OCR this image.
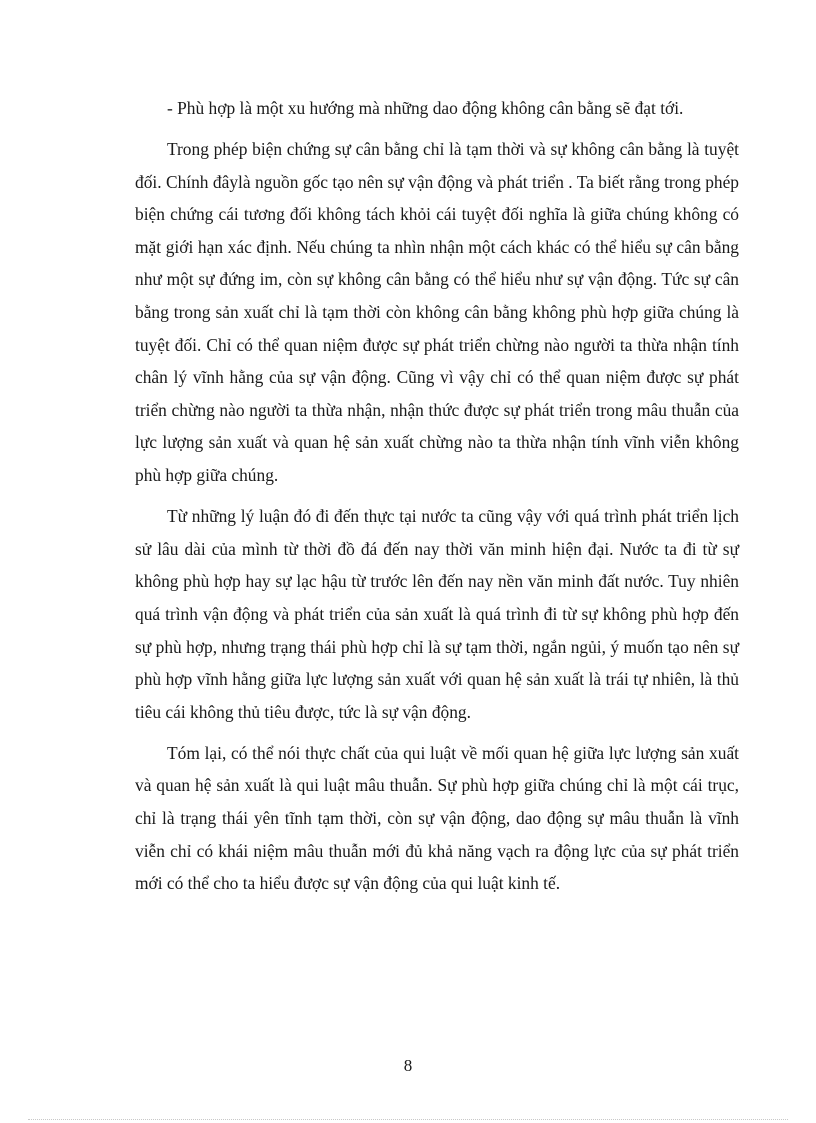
- Phù hợp là một xu hướng mà những dao động không cân bằng sẽ đạt tới.

Trong phép biện chứng sự cân bằng chỉ là tạm thời và sự không cân bằng là tuyệt đối. Chính đâylà nguồn gốc tạo nên sự vận động và phát triển . Ta biết rằng trong phép biện chứng cái tương đối không tách khỏi cái tuyệt đối nghĩa là giữa chúng không có mặt giới hạn xác định. Nếu chúng ta nhìn nhận một cách khác có thể hiểu sự cân bằng như một sự đứng im, còn sự không cân bằng có thể hiểu như sự vận động. Tức sự cân bằng trong sản xuất chỉ là tạm thời còn không cân bằng không phù hợp giữa chúng là tuyệt đối. Chỉ có thể quan niệm được sự phát triển chừng nào người ta thừa nhận tính chân lý vĩnh hằng của sự vận động. Cũng vì vậy chỉ có thể quan niệm được sự phát triển chừng nào người ta thừa nhận, nhận thức được sự phát triển trong mâu thuẫn của lực lượng sản xuất và quan hệ sản xuất chừng nào ta thừa nhận tính vĩnh viễn không phù hợp giữa chúng.

Từ những lý luận đó đi đến thực tại nước ta cũng vậy với quá trình phát triển lịch sử lâu dài của mình từ thời đồ đá đến nay thời văn minh hiện đại. Nước ta đi từ sự không phù hợp hay sự lạc hậu từ trước lên đến nay nền văn minh đất nước. Tuy nhiên quá trình vận động và phát triển của sản xuất là quá trình đi từ sự không phù hợp đến sự phù hợp, nhưng trạng thái phù hợp chỉ là sự tạm thời, ngắn ngủi, ý muốn tạo nên sự phù hợp vĩnh hằng giữa lực lượng sản xuất với quan hệ sản xuất là trái tự nhiên, là thủ tiêu cái không thủ tiêu được, tức là sự vận động.

Tóm lại, có thể nói thực chất của qui luật về mối quan hệ giữa lực lượng sản xuất và quan hệ sản xuất là qui luật mâu thuẫn. Sự phù hợp giữa chúng chỉ là một cái trục, chỉ là trạng thái yên tĩnh tạm thời, còn sự vận động, dao động sự mâu thuẫn là vĩnh viễn chỉ có khái niệm mâu thuẫn mới đủ khả năng vạch ra động lực của sự phát triển mới có thể cho ta hiểu được sự vận động của qui luật kinh tế.

8
